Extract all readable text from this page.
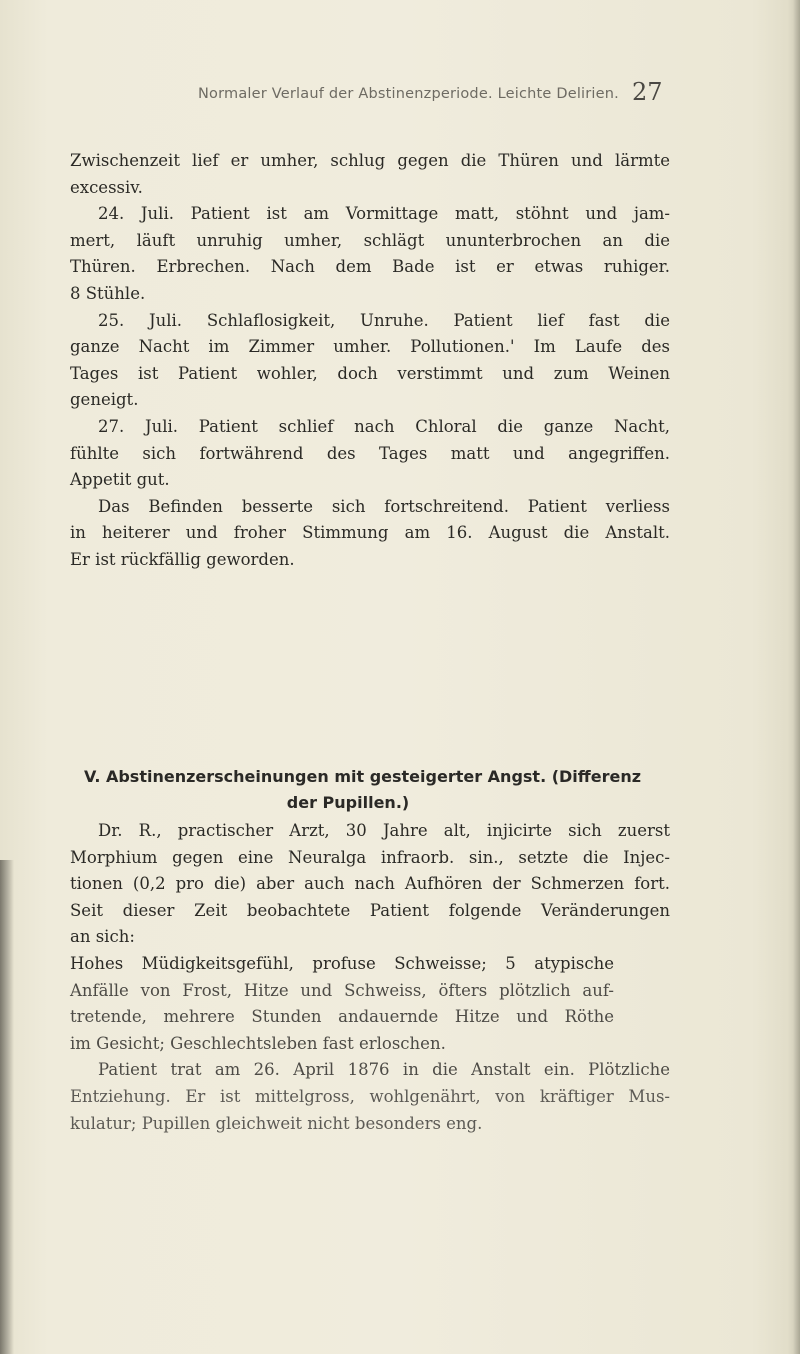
Normaler Verlauf der Abstinenzperiode. Leichte Delirien. 27

Zwischenzeit lief er umher, schlug gegen die Thüren und lärmte
excessiv.

24. Juli. Patient ist am Vormittage matt, stöhnt und jam-
mert, läuft unruhig umher, schlägt ununterbrochen an die
Thüren. Erbrechen. Nach dem Bade ist er etwas ruhiger.
8 Stühle.

25. Juli. Schlaflosigkeit, Unruhe. Patient lief fast die
ganze Nacht im Zimmer umher. Pollutionen.' Im Laufe des
Tages ist Patient wohler, doch verstimmt und zum Weinen
geneigt.

27. Juli. Patient schlief nach Chloral die ganze Nacht,
fühlte sich fortwährend des Tages matt und angegriffen.
Appetit gut.

Das Befinden besserte sich fortschreitend. Patient verliess
in heiterer und froher Stimmung am 16. August die Anstalt.
Er ist rückfällig geworden.

V. Abstinenzerscheinungen mit gesteigerter Angst. (Differenz
der Pupillen.)

Dr. R., practischer Arzt, 30 Jahre alt, injicirte sich zuerst
Morphium gegen eine Neuralga infraorb. sin., setzte die Injec-
tionen (0,2 pro die) aber auch nach Aufhören der Schmerzen fort.
Seit dieser Zeit beobachtete Patient folgende Veränderungen
an sich:

Hohes Müdigkeitsgefühl, profuse Schweisse; 5 atypische
Anfälle von Frost, Hitze und Schweiss, öfters plötzlich auf-
tretende, mehrere Stunden andauernde Hitze und Röthe
im Gesicht; Geschlechtsleben fast erloschen.

Patient trat am 26. April 1876 in die Anstalt ein. Plötzliche
Entziehung. Er ist mittelgross, wohlgenährt, von kräftiger Mus-
kulatur; Pupillen gleichweit nicht besonders eng.
